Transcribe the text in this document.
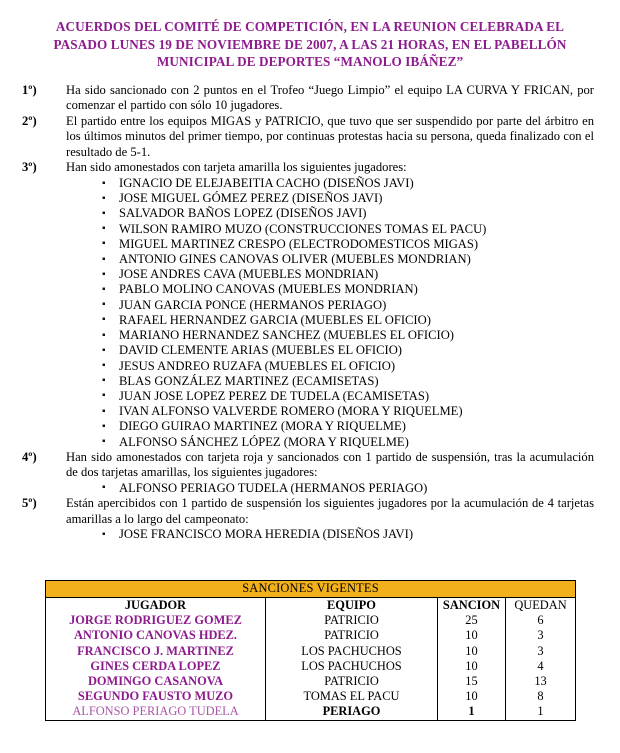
ACUERDOS DEL COMITÉ DE COMPETICIÓN, EN LA REUNION CELEBRADA EL
PASADO LUNES 19 DE NOVIEMBRE DE 2007, A LAS 21 HORAS, EN EL PABELLÓN
MUNICIPAL DE DEPORTES “MANOLO IBÁÑEZ”
1º)	Ha sido sancionado con 2 puntos en el Trofeo “Juego Limpio” el equipo LA CURVA Y FRICAN, por comenzar el partido con sólo 10 jugadores.
2º)	El partido entre los equipos MIGAS y PATRICIO, que tuvo que ser suspendido por parte del árbitro en los últimos minutos del primer tiempo, por continuas protestas hacia su persona, queda finalizado con el resultado de 5-1.
3º)	Han sido amonestados con tarjeta amarilla los siguientes jugadores:
▪ IGNACIO DE ELEJABEITIA CACHO (DISEÑOS JAVI)
▪ JOSE MIGUEL GÓMEZ PEREZ (DISEÑOS JAVI)
▪ SALVADOR BAÑOS LOPEZ (DISEÑOS JAVI)
▪ WILSON RAMIRO MUZO (CONSTRUCCIONES TOMAS EL PACU)
▪ MIGUEL MARTINEZ CRESPO (ELECTRODOMESTICOS MIGAS)
▪ ANTONIO GINES CANOVAS OLIVER (MUEBLES MONDRIAN)
▪ JOSE ANDRES CAVA (MUEBLES MONDRIAN)
▪ PABLO MOLINO CANOVAS (MUEBLES MONDRIAN)
▪ JUAN GARCIA PONCE (HERMANOS PERIAGO)
▪ RAFAEL HERNANDEZ GARCIA (MUEBLES EL OFICIO)
▪ MARIANO HERNANDEZ SANCHEZ (MUEBLES EL OFICIO)
▪ DAVID CLEMENTE ARIAS (MUEBLES EL OFICIO)
▪ JESUS ANDREO RUZAFA (MUEBLES EL OFICIO)
▪ BLAS GONZÁLEZ MARTINEZ (ECAMISETAS)
▪ JUAN JOSE LOPEZ PEREZ DE TUDELA (ECAMISETAS)
▪ IVAN ALFONSO VALVERDE ROMERO (MORA Y RIQUELME)
▪ DIEGO GUIRAO MARTINEZ (MORA Y RIQUELME)
▪ ALFONSO SÁNCHEZ LÓPEZ (MORA Y RIQUELME)
4º)	Han sido amonestados con tarjeta roja y sancionados con 1 partido de suspensión, tras la acumulación de dos tarjetas amarillas, los siguientes jugadores:
▪ ALFONSO PERIAGO TUDELA (HERMANOS PERIAGO)
5º)	Están apercibidos con 1 partido de suspensión los siguientes jugadores por la acumulación de 4 tarjetas amarillas a lo largo del campeonato:
▪ JOSE FRANCISCO MORA HEREDIA (DISEÑOS JAVI)
SANCIONES VIGENTES			
JUGADOR	EQUIPO	SANCION	QUEDAN
JORGE RODRIGUEZ GOMEZ	PATRICIO	25	6
ANTONIO CANOVAS HDEZ.	PATRICIO	10	3
FRANCISCO J. MARTINEZ	LOS PACHUCHOS	10	3
GINES CERDA LOPEZ	LOS PACHUCHOS	10	4
DOMINGO CASANOVA	PATRICIO	15	13
SEGUNDO FAUSTO MUZO	TOMAS EL PACU	10	8
ALFONSO PERIAGO TUDELA	PERIAGO	1	1
